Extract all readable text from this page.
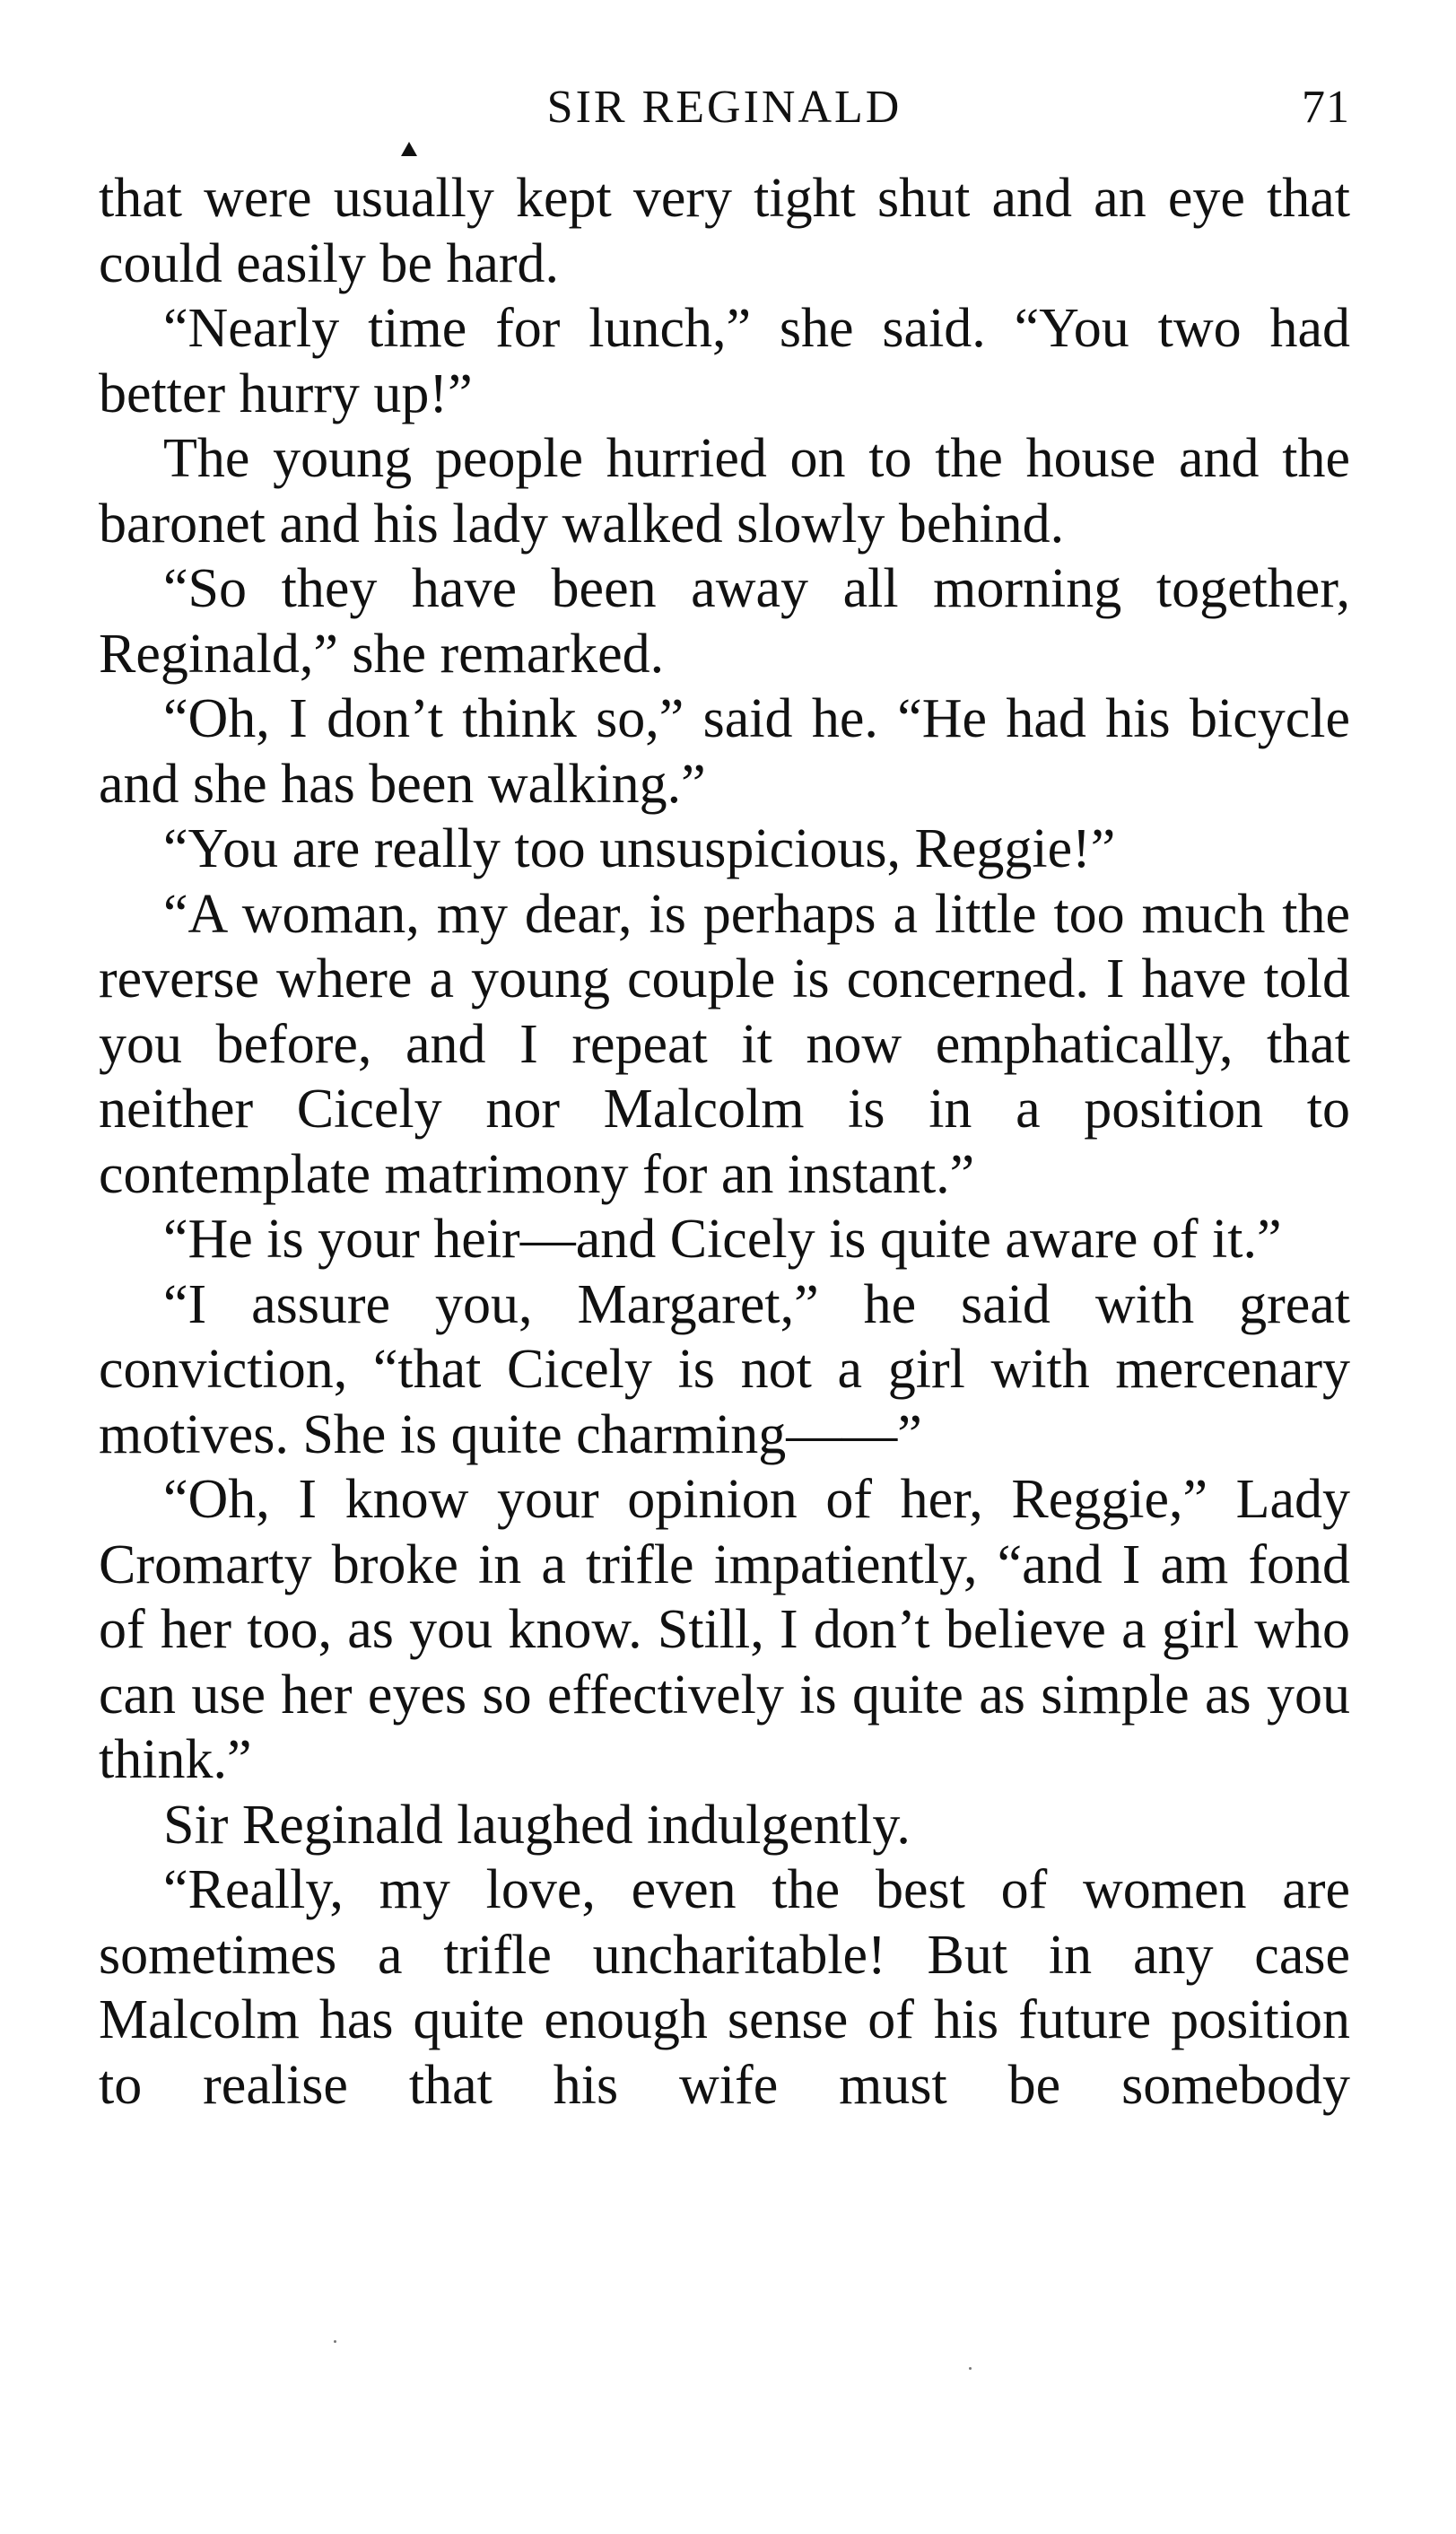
SIR REGINALD	71

that were usually kept very tight shut and an eye that could easily be hard.

“Nearly time for lunch,” she said. “You two had better hurry up!”

The young people hurried on to the house and the baronet and his lady walked slowly behind.

“So they have been away all morning together, Reginald,” she remarked.

“Oh, I don’t think so,” said he. “He had his bicycle and she has been walking.”

“You are really too unsuspicious, Reggie!”

“A woman, my dear, is perhaps a little too much the reverse where a young couple is concerned. I have told you before, and I repeat it now emphatically, that neither Cicely nor Malcolm is in a position to contemplate matrimony for an instant.”

“He is your heir—and Cicely is quite aware of it.”

“I assure you, Margaret,” he said with great conviction, “that Cicely is not a girl with mercenary motives. She is quite charming——”

“Oh, I know your opinion of her, Reggie,” Lady Cromarty broke in a trifle impatiently, “and I am fond of her too, as you know. Still, I don’t believe a girl who can use her eyes so effectively is quite as simple as you think.”

Sir Reginald laughed indulgently.

“Really, my love, even the best of women are sometimes a trifle uncharitable! But in any case Malcolm has quite enough sense of his future position to realise that his wife must be somebody
